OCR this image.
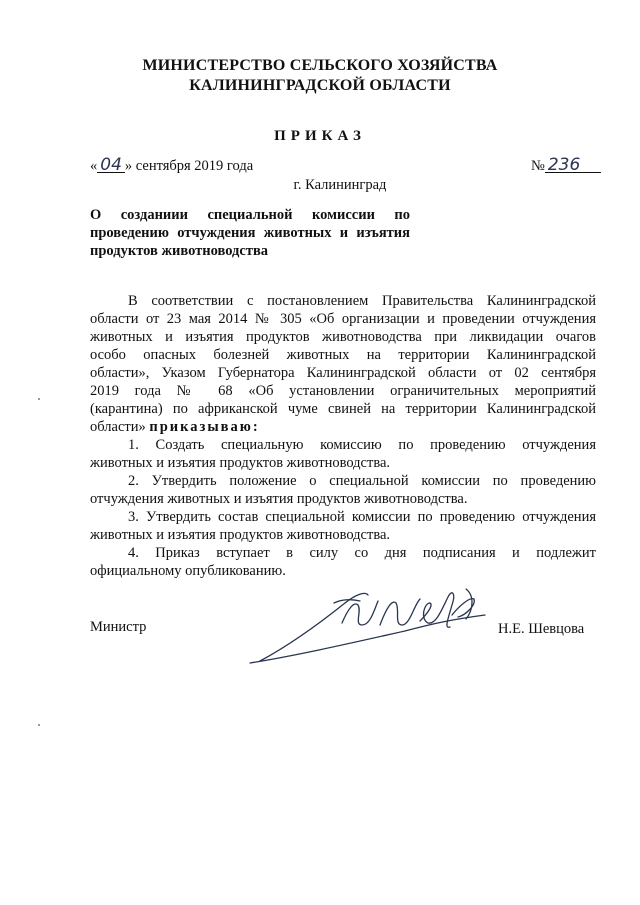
МИНИСТЕРСТВО СЕЛЬСКОГО ХОЗЯЙСТВА
КАЛИНИНГРАДСКОЙ ОБЛАСТИ
ПРИКАЗ
« 04 » сентября 2019 года	№ 236
г. Калининград
О созданиии специальной комиссии по
проведению отчуждения животных и изъятия
продуктов животноводства
В соответствии с постановлением Правительства Калининградской
области от 23 мая 2014 № 305 «Об организации и проведении отчуждения
животных и изъятия продуктов животноводства при ликвидации очагов
особо опасных болезней животных на территории Калининградской
области», Указом Губернатора Калининградской области от 02 сентября
2019 года № 68 «Об установлении ограничительных мероприятий
(карантина) по африканской чуме свиней на территории Калининградской
области» приказываю:
1. Создать специальную комиссию по проведению отчуждения
животных и изъятия продуктов животноводства.
2. Утвердить положение о специальной комиссии по проведению
отчуждения животных и изъятия продуктов животноводства.
3. Утвердить состав специальной комиссии по проведению отчуждения
животных и изъятия продуктов животноводства.
4. Приказ вступает в силу со дня подписания и подлежит
официальному опубликованию.
Министр	Н.Е. Шевцова
